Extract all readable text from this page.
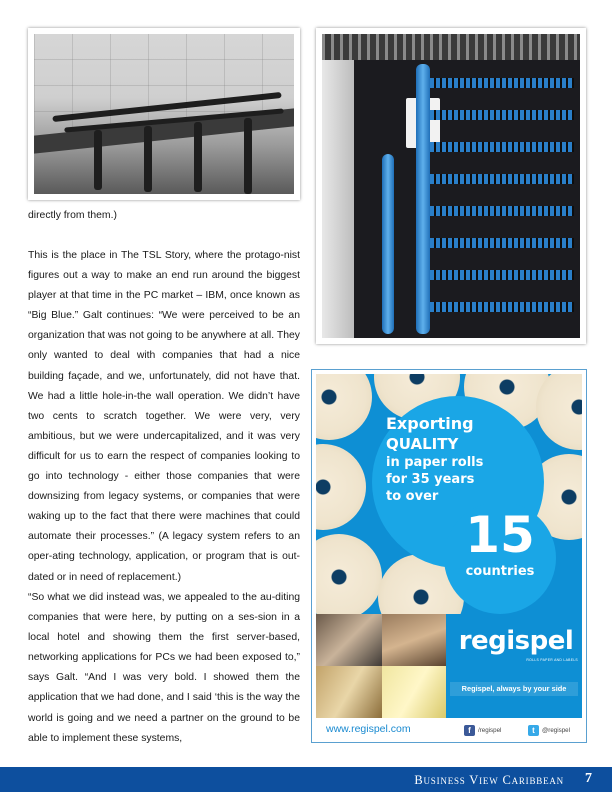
directly from them.)

This is the place in The TSL Story, where the protago-nist figures out a way to make an end run around the biggest player at that time in the PC market – IBM, once known as “Big Blue.” Galt continues: “We were perceived to be an organization that was not going to be anywhere at all. They only wanted to deal with companies that had a nice building façade, and we, unfortunately, did not have that. We had a little hole-in-the wall operation. We didn’t have two cents to scratch together. We were very, very ambitious, but we were undercapitalized, and it was very difficult for us to earn the respect of companies looking to go into technology - either those companies that were downsizing from legacy systems, or companies that were waking up to the fact that there were machines that could automate their processes.” (A legacy system refers to an oper-ating technology, application, or program that is out-dated or in need of replacement.)

“So what we did instead was, we appealed to the au-diting companies that were here, by putting on a ses-sion in a local hotel and showing them the first server-based, networking applications for PCs we had been exposed to,” says Galt. “And I was very bold. I showed them the application that we had done, and I said ‘this is the way the world is going and we need a partner on the ground to be able to implement these systems,

Exporting
QUALITY
in paper rolls
for 35 years
to over
15
countries
regispel
ROLLS PAPER AND LABELS
Regispel, always by your side
www.regispel.com	f	/regispel	t	@regispel
Business View Caribbean 7
